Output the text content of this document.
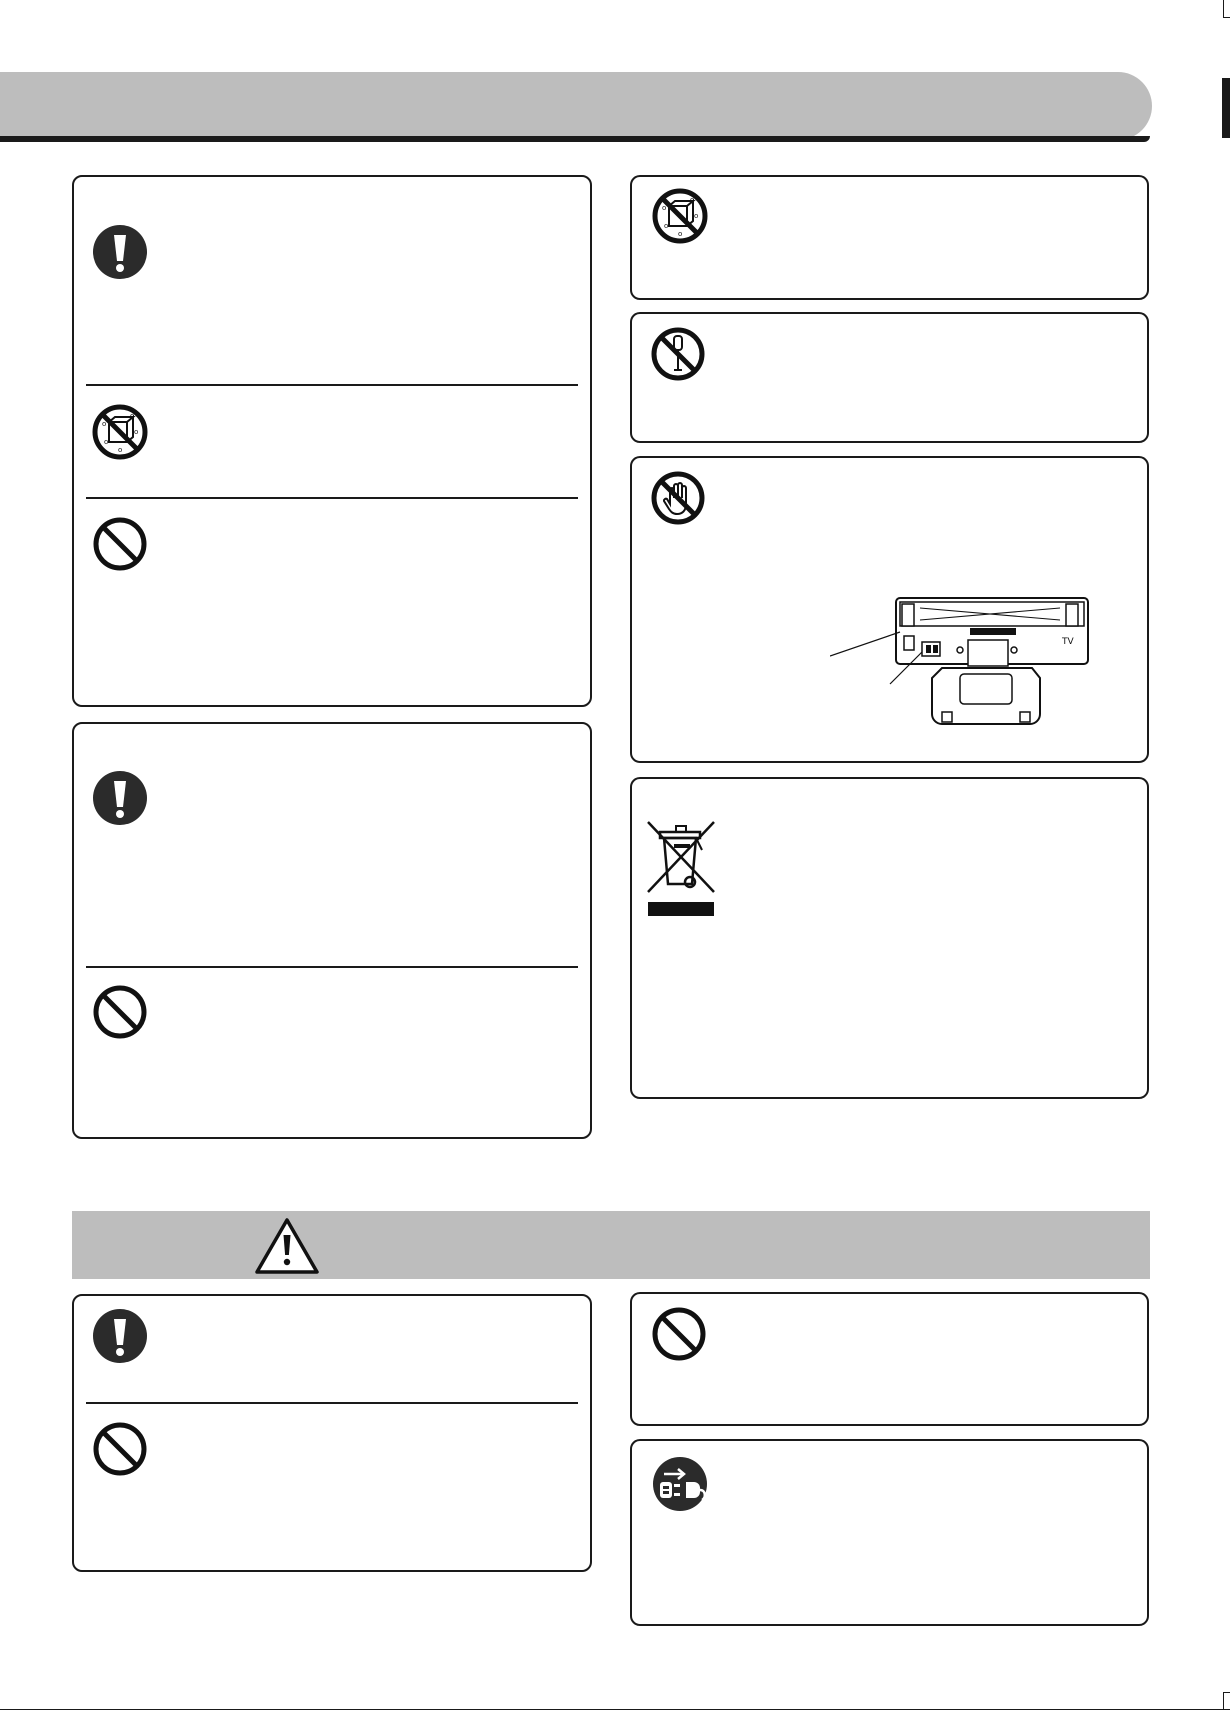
o
o
o
o
o
o
o
o
o
o
TV
